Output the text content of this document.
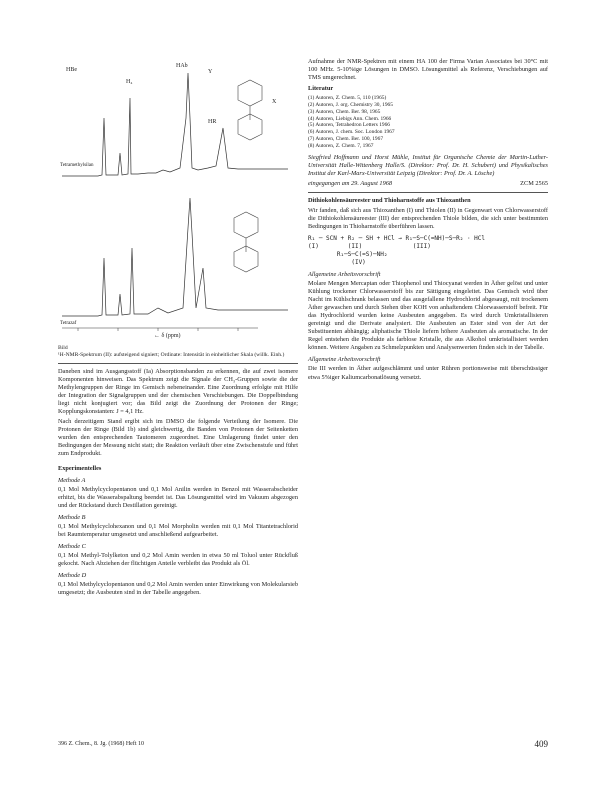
HBe
H₄
HAb
Y
X
HR
Tetramethylsilan
Tetrazaf
← δ (ppm)

Bild
¹H-NMR-Spektrum (II): aufsteigend signiert; Ordinate: Intensität in einheitlicher Skala (willk. Einh.)

Daneben sind im Ausgangsstoff (Ia) Absorptionsbanden zu erkennen, die auf zwei isomere Komponenten hinweisen. Das Spektrum zeigt die Signale der CH₃-Gruppen sowie die der Methylengruppen der Ringe im Gemisch nebeneinander. Eine Zuordnung erfolgte mit Hilfe der Integration der Signalgruppen und der chemischen Verschiebungen. Die Doppelbindung liegt nicht konjugiert vor; das Bild zeigt die Zuordnung der Protonen der Ringe; Kopplungskonstanten: J = 4,1 Hz.

Nach derzeitigem Stand ergibt sich im DMSO die folgende Verteilung der Isomere. Die Protonen der Ringe (Bild 1b) sind gleichwertig, die Banden von Protonen der Seitenketten wurden den entsprechenden Tautomeren zugeordnet. Eine Umlagerung findet unter den Bedingungen der Messung nicht statt; die Reaktion verläuft über eine Zwischenstufe und führt zum Endprodukt.

Experimentelles

Methode A

0,1 Mol Methylcyclopentanon und 0,1 Mol Anilin werden in Benzol mit Wasserabscheider erhitzt, bis die Wasserabspaltung beendet ist. Das Lösungsmittel wird im Vakuum abgezogen und der Rückstand durch Destillation gereinigt.

Methode B

0,1 Mol Methylcyclohexanon und 0,1 Mol Morpholin werden mit 0,1 Mol Titantetrachlorid bei Raumtemperatur umgesetzt und anschließend aufgearbeitet.

Methode C

0,1 Mol Methyl-Tolylketon und 0,2 Mol Amin werden in etwa 50 ml Toluol unter Rückfluß gekocht. Nach Abziehen der flüchtigen Anteile verbleibt das Produkt als Öl.

Methode D

0,1 Mol Methylcyclopentanon und 0,2 Mol Amin werden unter Einwirkung von Molekularsieb umgesetzt; die Ausbeuten sind in der Tabelle angegeben.

Aufnahme der NMR-Spektren mit einem HA 100 der Firma Varian Associates bei 30°C mit 100 MHz. 5-10%ige Lösungen in DMSO. Lösungsmittel als Referenz, Verschiebungen auf TMS umgerechnet.

Literatur

(1) Autoren, Z. Chem. 5, 110 (1965)

(2) Autoren, J. org. Chemistry 30, 1965

(3) Autoren, Chem. Ber. 98, 1965

(4) Autoren, Liebigs Ann. Chem. 1966

(5) Autoren, Tetrahedron Letters 1966

(6) Autoren, J. chem. Soc. London 1967

(7) Autoren, Chem. Ber. 100, 1967

(8) Autoren, Z. Chem. 7, 1967

Siegfried Hoffmann und Horst Mühle, Institut für Organische Chemie der Martin-Luther-Universität Halle-Wittenberg Halle/S. (Direktor: Prof. Dr. H. Schubert) und Physikalisches Institut der Karl-Marx-Universität Leipzig (Direktor: Prof. Dr. A. Lösche)

eingegangen am 29. August 1968	ZCM 2565

Dithiokohlensäureester und Thioharnstoffe aus Thioxanthen

Wir fanden, daß sich aus Thioxanthen (I) und Thiolen (II) in Gegenwart von Chlorwasserstoff die Dithiokohlensäureester (III) der entsprechenden Thiole bilden, die sich unter bestimmten Bedingungen in Thioharnstoffe überführen lassen.

R₁ ─ SCN + R₂ ─ SH + HCl → R₁─S─C(=NH)─S─R₂ · HCl
(I)        (II)              (III)
R₁─S─C(=S)─NH₂
(IV)

Allgemeine Arbeitsvorschrift

Molare Mengen Mercaptan oder Thiophenol und Thiocyanat werden in Äther gelöst und unter Kühlung trockener Chlorwasserstoff bis zur Sättigung eingeleitet. Das Gemisch wird über Nacht im Kühlschrank belassen und das ausgefallene Hydrochlorid abgesaugt, mit trockenem Äther gewaschen und durch Stehen über KOH von anhaftendem Chlorwasserstoff befreit. Für das Hydrochlorid wurden keine Ausbeuten angegeben. Es wird durch Umkristallisieren gereinigt und die Derivate analysiert. Die Ausbeuten an Ester sind von der Art der Substituenten abhängig; aliphatische Thiole liefern höhere Ausbeuten als aromatische. In der Regel entstehen die Produkte als farblose Kristalle, die aus Alkohol umkristallisiert werden können. Weitere Angaben zu Schmelzpunkten und Analysenwerten finden sich in der Tabelle.

Allgemeine Arbeitsvorschrift

Die III werden in Äther aufgeschlämmt und unter Rühren portionsweise mit überschüssiger etwa 5%iger Kaliumcarbonatlösung versetzt.

396 Z. Chem., 8. Jg. (1968) Heft 10	409
